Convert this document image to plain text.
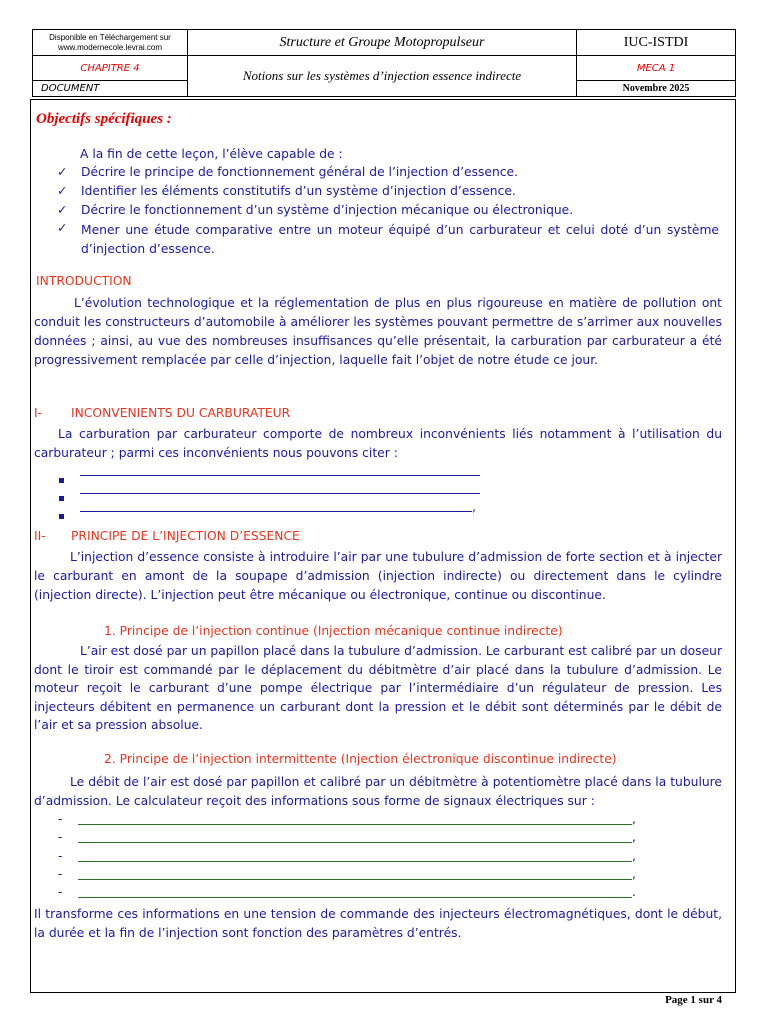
Disponible en Téléchargement sur
www.modernecole.levrai.com	Structure et Groupe Motopropulseur	IUC-ISTDI
CHAPITRE 4	Notions sur les systèmes d’injection essence indirecte	MECA 1
DOCUMENT		Novembre 2025
Objectifs spécifiques :
A la fin de cette leçon, l’élève capable de :
✓ Décrire le principe de fonctionnement général de l’injection d’essence.
✓ Identifier les éléments constitutifs d’un système d’injection d’essence.
✓ Décrire le fonctionnement d’un système d’injection mécanique ou électronique.
✓ Mener une étude comparative entre un moteur équipé d’un carburateur et celui doté d’un système d’injection d’essence.
INTRODUCTION
L’évolution technologique et la réglementation de plus en plus rigoureuse en matière de pollution ont conduit les constructeurs d’automobile à améliorer les systèmes pouvant permettre de s’arrimer aux nouvelles données ; ainsi, au vue des nombreuses insuffisances qu’elle présentait, la carburation par carburateur a été progressivement remplacée par celle d’injection, laquelle fait l’objet de notre étude ce jour.
I- INCONVENIENTS DU CARBURATEUR
La carburation par carburateur comporte de nombreux inconvénients liés notamment à l’utilisation du carburateur ; parmi ces inconvénients nous pouvons citer :
,
II- PRINCIPE DE L’INJECTION D’ESSENCE
L’injection d’essence consiste à introduire l’air par une tubulure d’admission de forte section et à injecter le carburant en amont de la soupape d’admission (injection indirecte) ou directement dans le cylindre (injection directe). L’injection peut être mécanique ou électronique, continue ou discontinue.
1. Principe de l’injection continue (Injection mécanique continue indirecte)
L’air est dosé par un papillon placé dans la tubulure d’admission. Le carburant est calibré par un doseur dont le tiroir est commandé par le déplacement du débitmètre d’air placé dans la tubulure d’admission. Le moteur reçoit le carburant d’une pompe électrique par l’intermédiaire d’un régulateur de pression. Les injecteurs débitent en permanence un carburant dont la pression et le débit sont déterminés par le débit de l’air et sa pression absolue.
2. Principe de l’injection intermittente (Injection électronique discontinue indirecte)
Le débit de l’air est dosé par papillon et calibré par un débitmètre à potentiomètre placé dans la tubulure d’admission. Le calculateur reçoit des informations sous forme de signaux électriques sur :
-	,
-	,
-	,
-	,
-	.
Il transforme ces informations en une tension de commande des injecteurs électromagnétiques, dont le début, la durée et la fin de l’injection sont fonction des paramètres d’entrés.
Page 1 sur 4
